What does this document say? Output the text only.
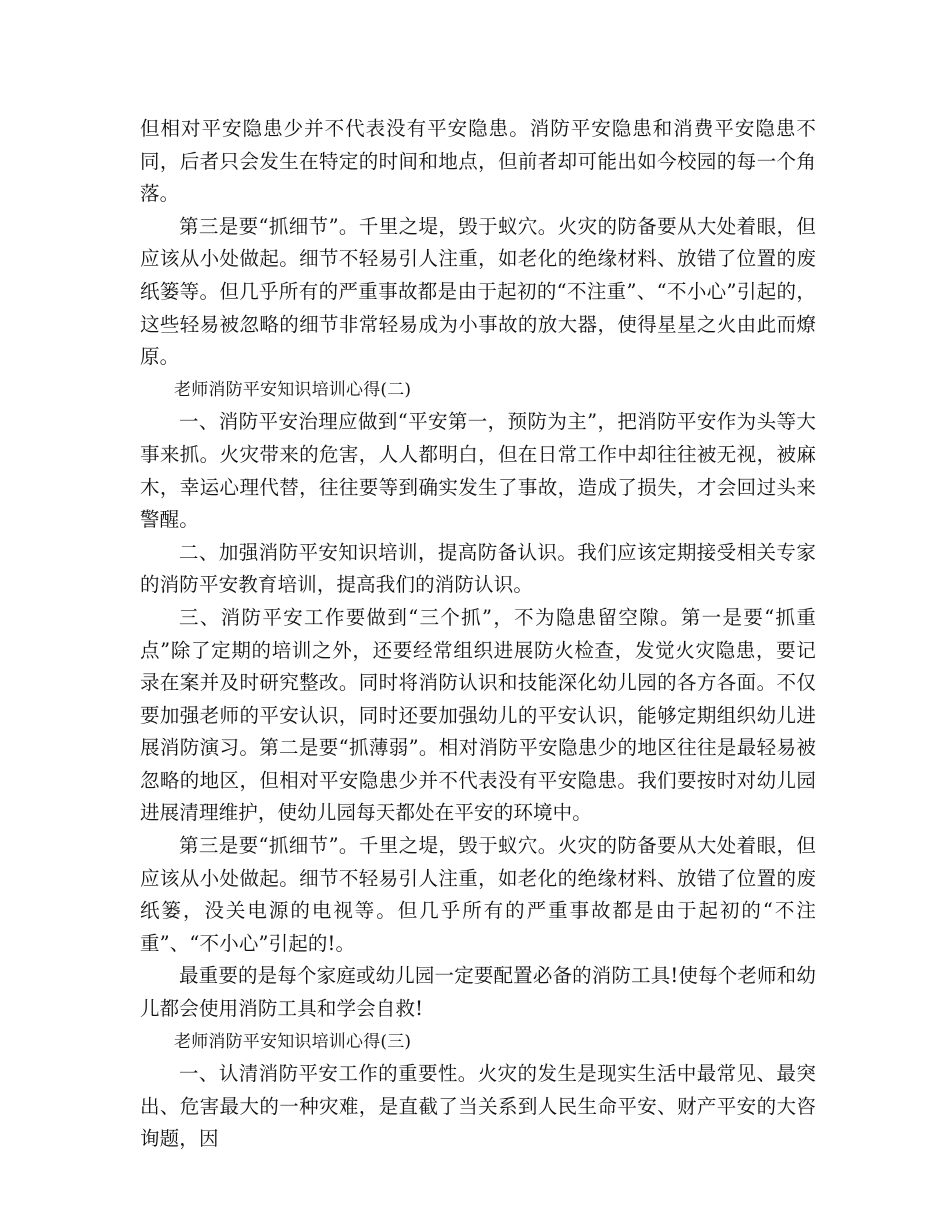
但相对平安隐患少并不代表没有平安隐患。消防平安隐患和消费平安隐患不同，后者只会发生在特定的时间和地点，但前者却可能出如今校园的每一个角落。

第三是要“抓细节”。千里之堤，毁于蚁穴。火灾的防备要从大处着眼，但应该从小处做起。细节不轻易引人注重，如老化的绝缘材料、放错了位置的废纸篓等。但几乎所有的严重事故都是由于起初的“不注重”、“不小心”引起的，这些轻易被忽略的细节非常轻易成为小事故的放大器，使得星星之火由此而燎原。

老师消防平安知识培训心得(二)

一、消防平安治理应做到“平安第一，预防为主”，把消防平安作为头等大事来抓。火灾带来的危害，人人都明白，但在日常工作中却往往被无视，被麻木，幸运心理代替，往往要等到确实发生了事故，造成了损失，才会回过头来警醒。

二、加强消防平安知识培训，提高防备认识。我们应该定期接受相关专家的消防平安教育培训，提高我们的消防认识。

三、消防平安工作要做到“三个抓”，不为隐患留空隙。第一是要“抓重点”除了定期的培训之外，还要经常组织进展防火检查，发觉火灾隐患，要记录在案并及时研究整改。同时将消防认识和技能深化幼儿园的各方各面。不仅要加强老师的平安认识，同时还要加强幼儿的平安认识，能够定期组织幼儿进展消防演习。第二是要“抓薄弱”。相对消防平安隐患少的地区往往是最轻易被忽略的地区，但相对平安隐患少并不代表没有平安隐患。我们要按时对幼儿园进展清理维护，使幼儿园每天都处在平安的环境中。

第三是要“抓细节”。千里之堤，毁于蚁穴。火灾的防备要从大处着眼，但应该从小处做起。细节不轻易引人注重，如老化的绝缘材料、放错了位置的废纸篓，没关电源的电视等。但几乎所有的严重事故都是由于起初的“不注重”、“不小心”引起的!。

最重要的是每个家庭或幼儿园一定要配置必备的消防工具!使每个老师和幼儿都会使用消防工具和学会自救!

老师消防平安知识培训心得(三)

一、认清消防平安工作的重要性。火灾的发生是现实生活中最常见、最突出、危害最大的一种灾难，是直截了当关系到人民生命平安、财产平安的大咨询题，因
